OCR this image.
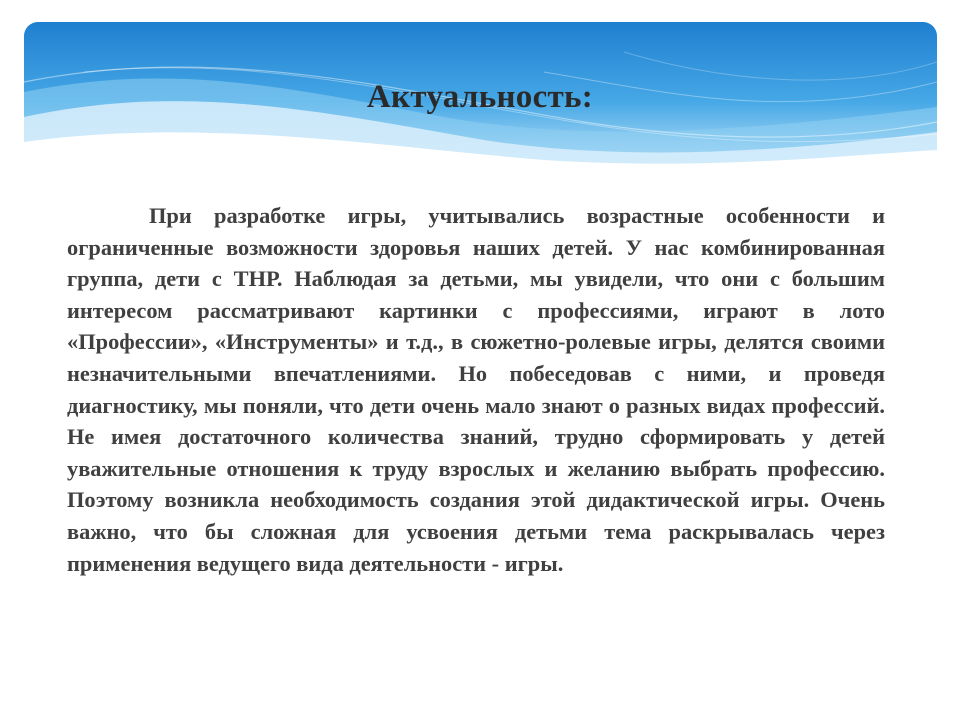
Актуальность:
При разработке игры, учитывались возрастные особенности и ограниченные возможности здоровья наших детей. У нас комбинированная группа, дети с ТНР. Наблюдая за детьми, мы увидели, что они с большим интересом рассматривают картинки с профессиями, играют в лото «Профессии», «Инструменты» и т.д., в сюжетно-ролевые игры, делятся своими незначительными впечатлениями. Но побеседовав с ними, и проведя диагностику, мы поняли, что дети очень мало знают о разных видах профессий. Не имея достаточного количества знаний, трудно сформировать у детей уважительные отношения к труду взрослых и желанию выбрать профессию. Поэтому возникла необходимость создания этой дидактической игры. Очень важно, что бы сложная для усвоения детьми тема раскрывалась через применения ведущего вида деятельности - игры.
